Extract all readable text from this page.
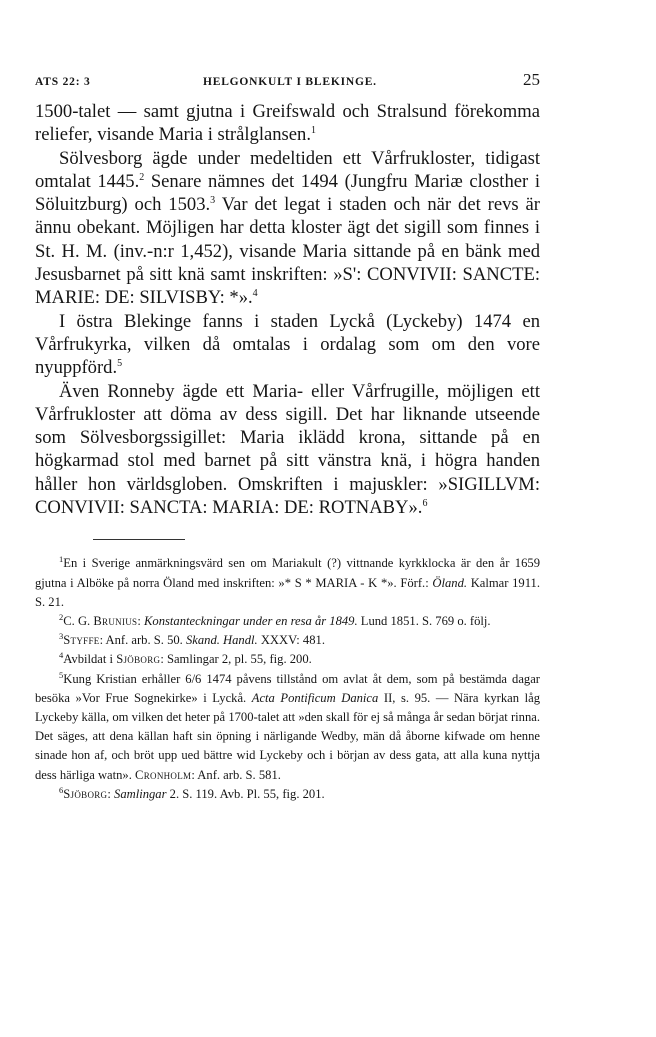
ATS 22: 3	HELGONKULT I BLEKINGE.	25

1500-talet — samt gjutna i Greifswald och Stralsund förekomma reliefer, visande Maria i strålglansen.$^1$

Sölvesborg ägde under medeltiden ett Vårfrukloster, tidigast omtalat 1445.$^2$ Senare nämnes det 1494 (Jungfru Mariæ closther i Söluitzburg) och 1503.$^3$ Var det legat i staden och när det revs är ännu obekant. Möjligen har detta kloster ägt det sigill som finnes i St. H. M. (inv.-n:r 1,452), visande Maria sittande på en bänk med Jesusbarnet på sitt knä samt inskriften: »S': CONVIVII: SANCTE: MARIE: DE: SILVISBY: *».$^4$

I östra Blekinge fanns i staden Lyckå (Lyckeby) 1474 en Vårfrukyrka, vilken då omtalas i ordalag som om den vore nyuppförd.$^5$

Även Ronneby ägde ett Maria- eller Vårfrugille, möjligen ett Vårfrukloster att döma av dess sigill. Det har liknande utseende som Sölvesborgssigillet: Maria iklädd krona, sittande på en högkarmad stol med barnet på sitt vänstra knä, i högra handen håller hon världsgloben. Omskriften i majuskler: »SIGILLVM: CONVIVII: SANCTA: MARIA: DE: ROTNABY».$^6$

$^1$En i Sverige anmärkningsvärd sen om Mariakult (?) vittnande kyrkklocka är den år 1659 gjutna i Alböke på norra Öland med inskriften: »* S * MARIA - K *». Förf.: Öland. Kalmar 1911. S. 21.

$^2$C. G. Brunius: Konstanteckningar under en resa år 1849. Lund 1851. S. 769 o. följ.

$^3$Styffe: Anf. arb. S. 50. Skand. Handl. XXXV: 481.

$^4$Avbildat i Sjöborg: Samlingar 2, pl. 55, fig. 200.

$^5$Kung Kristian erhåller 6/6 1474 påvens tillstånd om avlat åt dem, som på bestämda dagar besöka »Vor Frue Sognekirke» i Lyckå. Acta Pontificum Danica II, s. 95. — Nära kyrkan låg Lyckeby källa, om vilken det heter på 1700-talet att »den skall för ej så många år sedan börjat rinna. Det säges, att dena källan haft sin öpning i närligande Wedby, män då åborne kifwade om henne sinade hon af, och bröt upp ued bättre wid Lyckeby och i början av dess gata, att alla kuna nyttja dess härliga watn». Cronholm: Anf. arb. S. 581.

$^6$Sjöborg: Samlingar 2. S. 119. Avb. Pl. 55, fig. 201.
